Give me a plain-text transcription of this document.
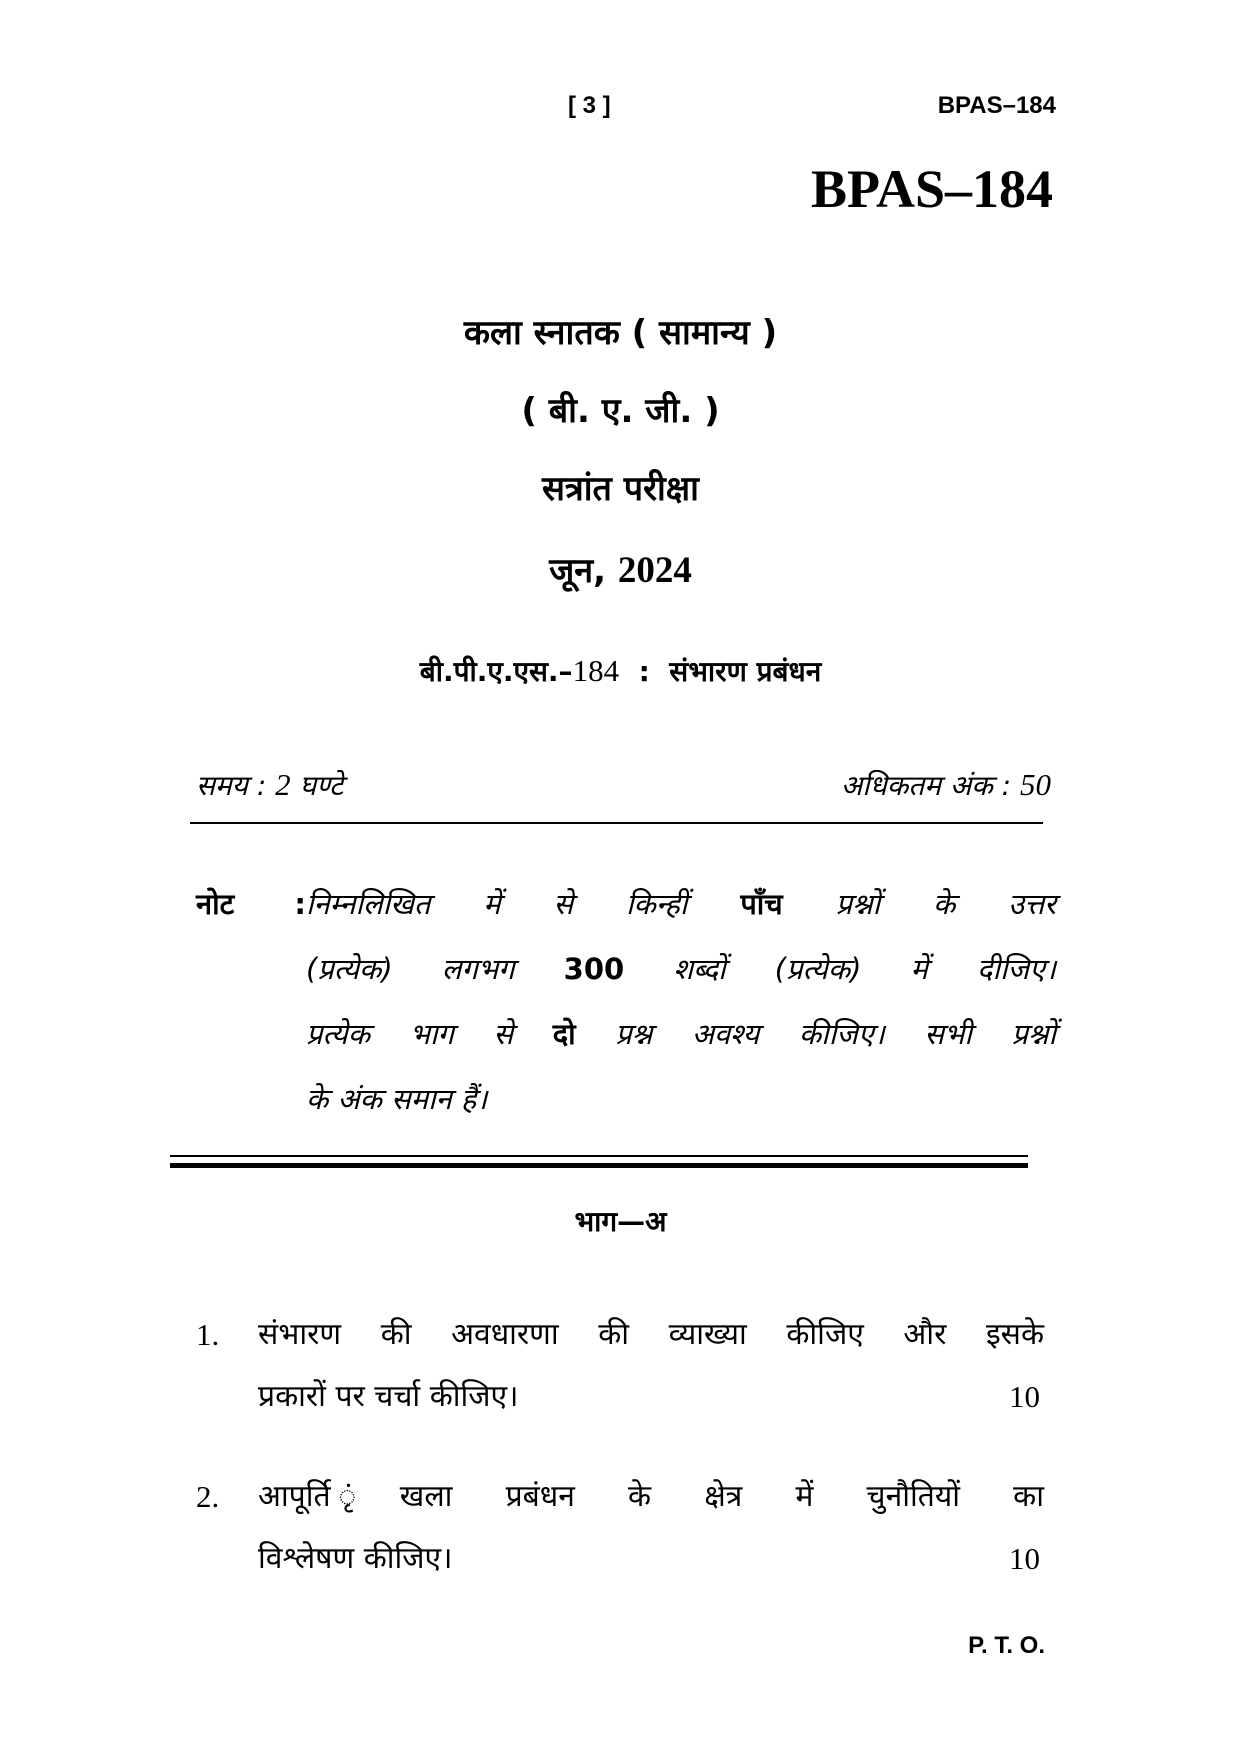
[ 3 ]	BPAS–184
BPAS–184
कला स्नातक ( सामान्य )
( बी. ए. जी. )
सत्रांत परीक्षा
जून, 2024
बी.पी.ए.एस.–184 : संभारण प्रबंधन
समय : 2 घण्टे	अधिकतम अंक : 50
नोट :निम्नलिखित में से किन्हीं पाँच प्रश्नों के उत्तर
(प्रत्येक) लगभग 300 शब्दों (प्रत्येक) में दीजिए।
प्रत्येक भाग से दो प्रश्न अवश्य कीजिए। सभी प्रश्नों
के अंक समान हैं।
भाग—अ
1. संभारण की अवधारणा की व्याख्या कीजिए और इसके
प्रकारों पर चर्चा कीजिए।	10
2. आपूर्ति ृंखला प्रबंधन के क्षेत्र में चुनौतियों का
विश्लेषण कीजिए।	10
P. T. O.
